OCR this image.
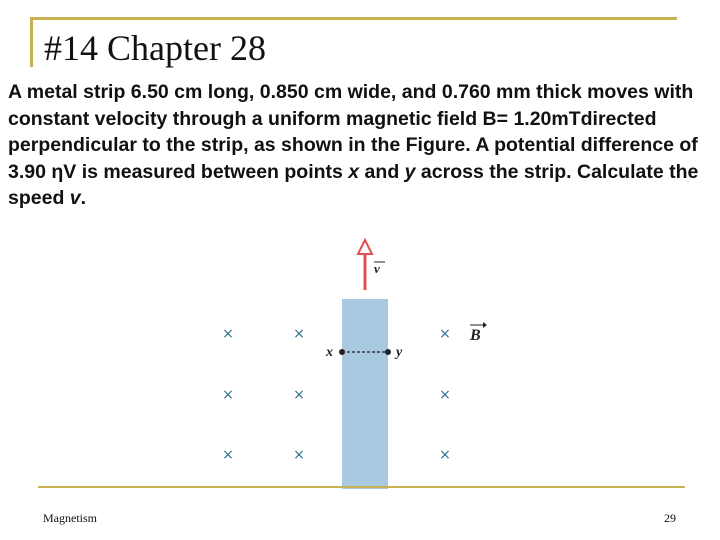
#14 Chapter 28
A metal strip 6.50 cm long, 0.850 cm wide, and 0.760 mm thick moves with constant velocity through a uniform magnetic field B= 1.20mTdirected perpendicular to the strip, as shown in the Figure. A potential difference of 3.90 ηV is measured between points x and y across the strip. Calculate the speed v.
v
×	×	×
×	×	×
×	×	×
B
x	y
Magnetism	29
